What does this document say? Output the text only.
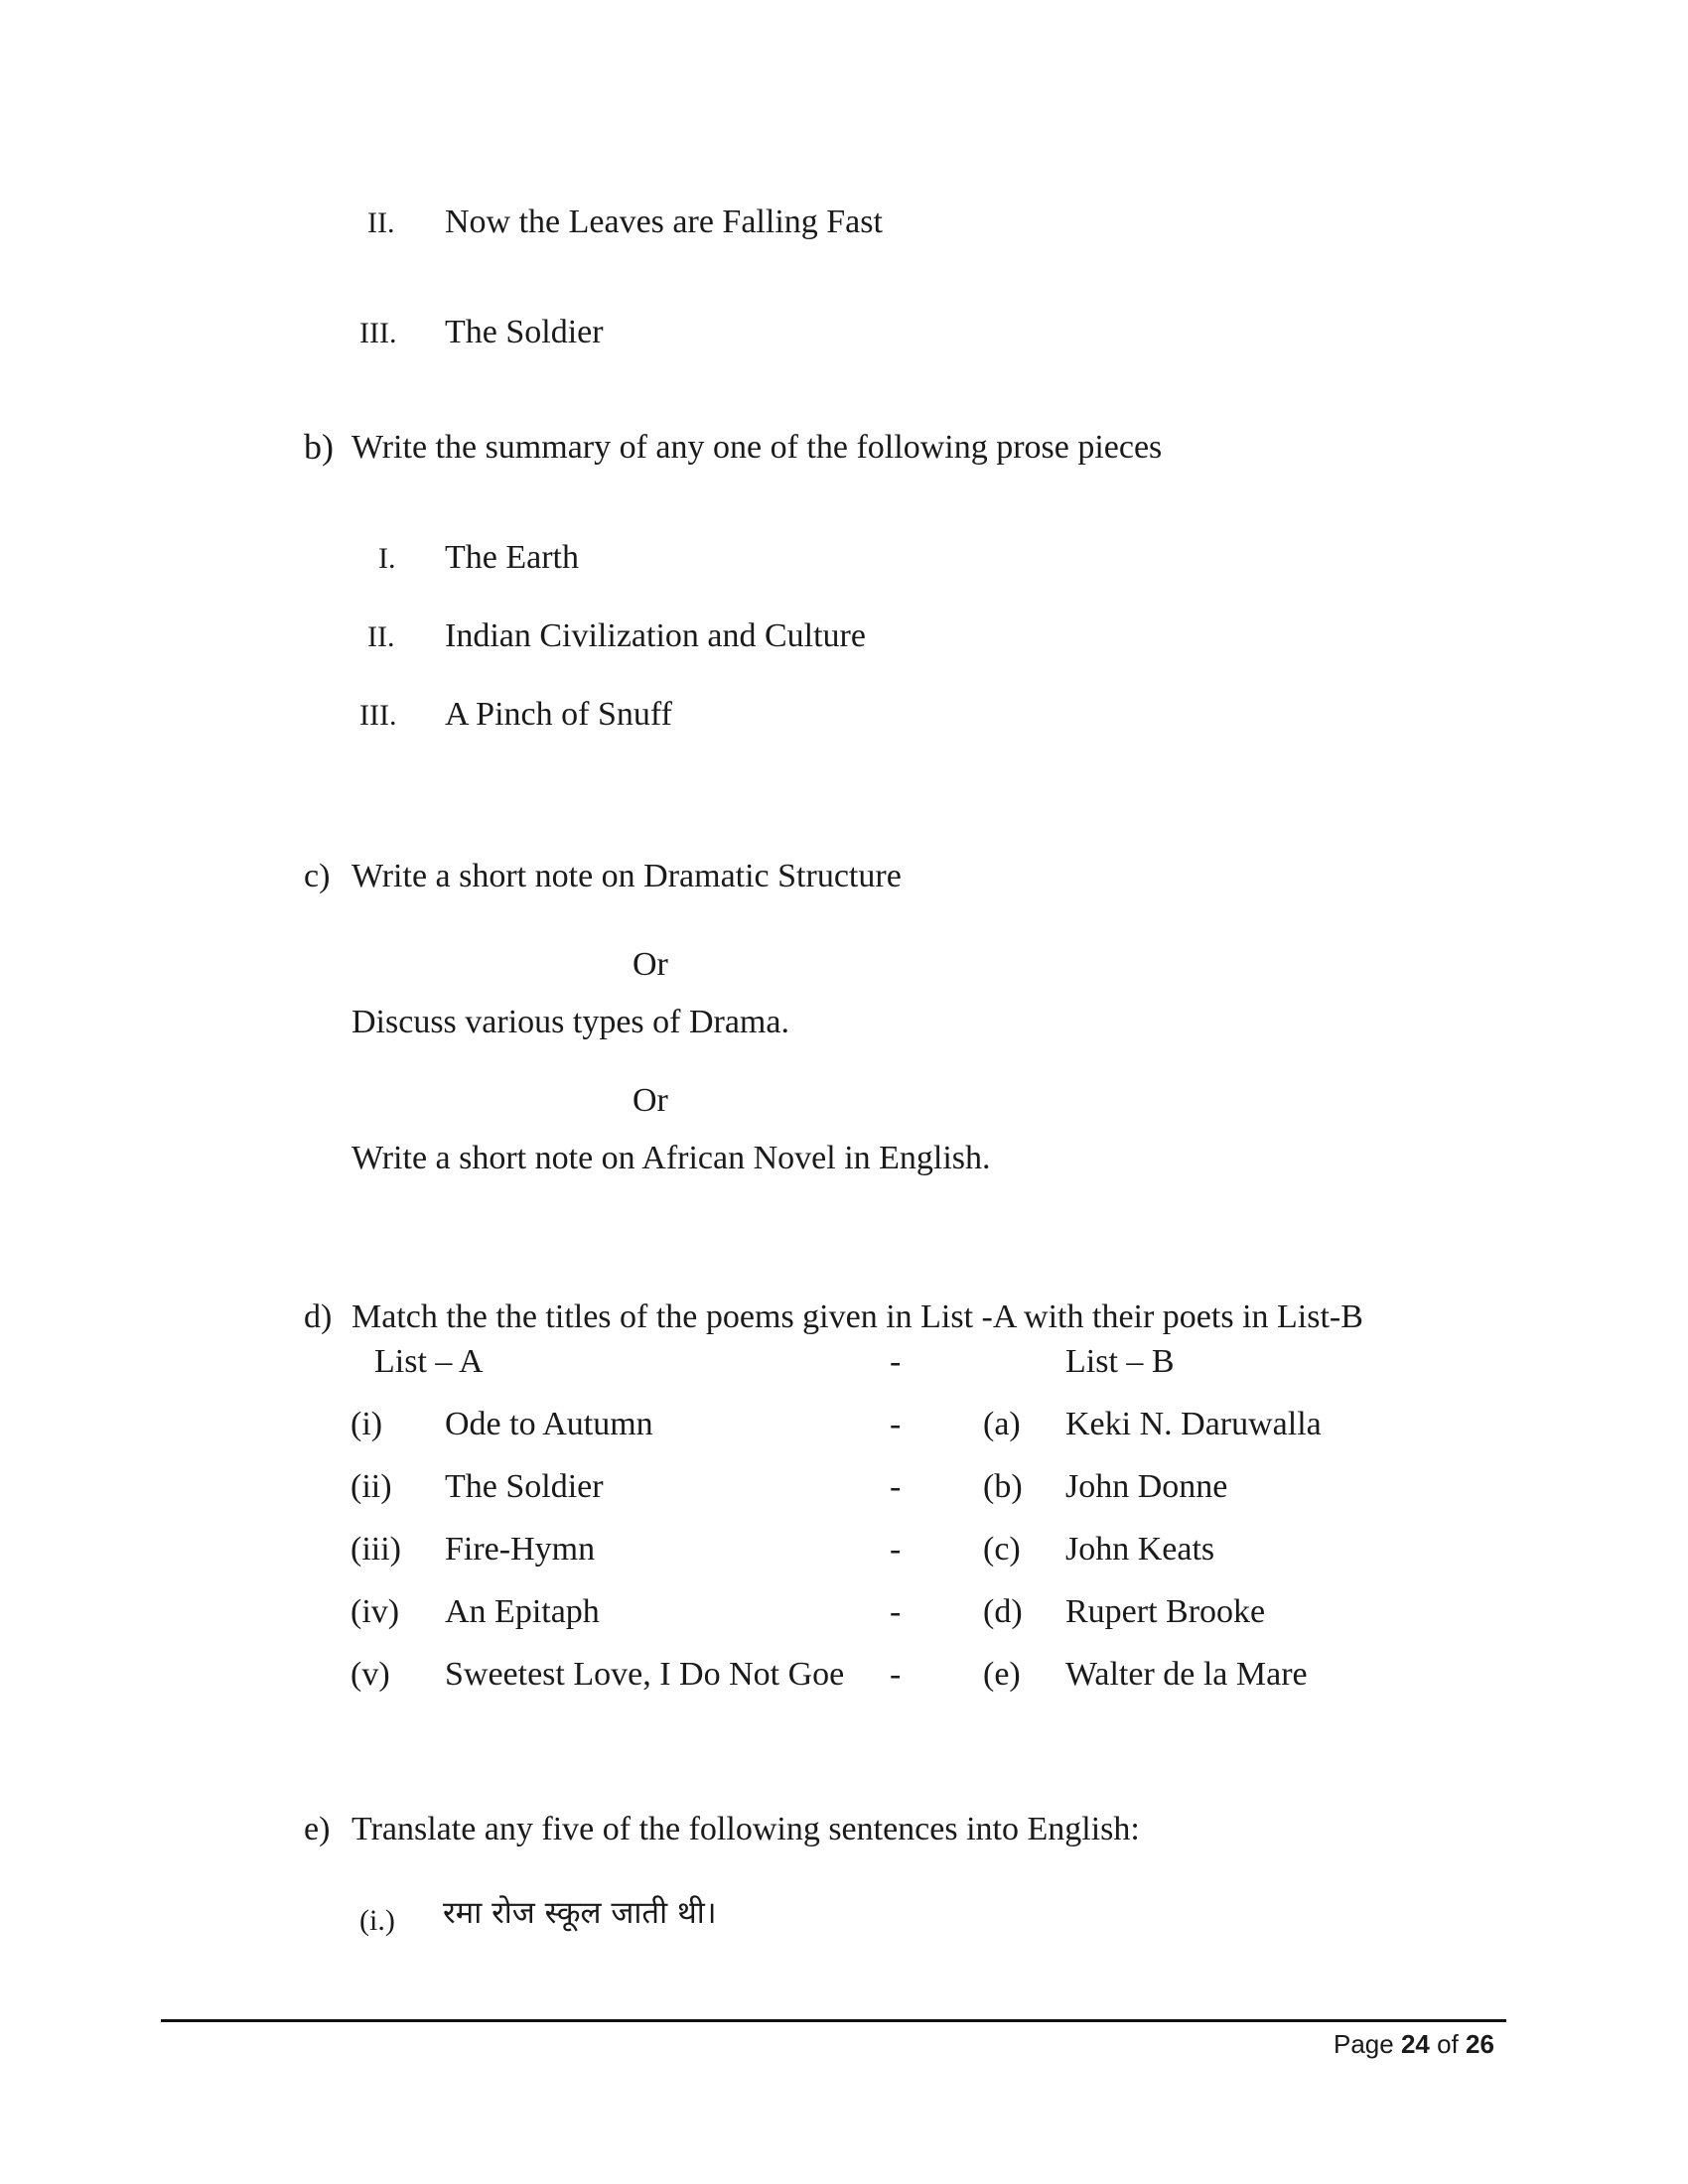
II. Now the Leaves are Falling Fast
III. The Soldier
b) Write the summary of any one of the following prose pieces
I. The Earth
II. Indian Civilization and Culture
III. A Pinch of Snuff
c) Write a short note on Dramatic Structure
Or
Discuss various types of Drama.
Or
Write a short note on African Novel in English.
d) Match the the titles of the poems given in List -A with their poets in List-B
List – A	-	List – B
(i) Ode to Autumn	- (a) Keki N. Daruwalla
(ii) The Soldier	- (b) John Donne
(iii) Fire-Hymn	- (c) John Keats
(iv) An Epitaph	- (d) Rupert Brooke
(v) Sweetest Love, I Do Not Goe - (e) Walter de la Mare
e) Translate any five of the following sentences into English:
(i.) रमा रोज स्कूल जाती थी।
Page 24 of 26
